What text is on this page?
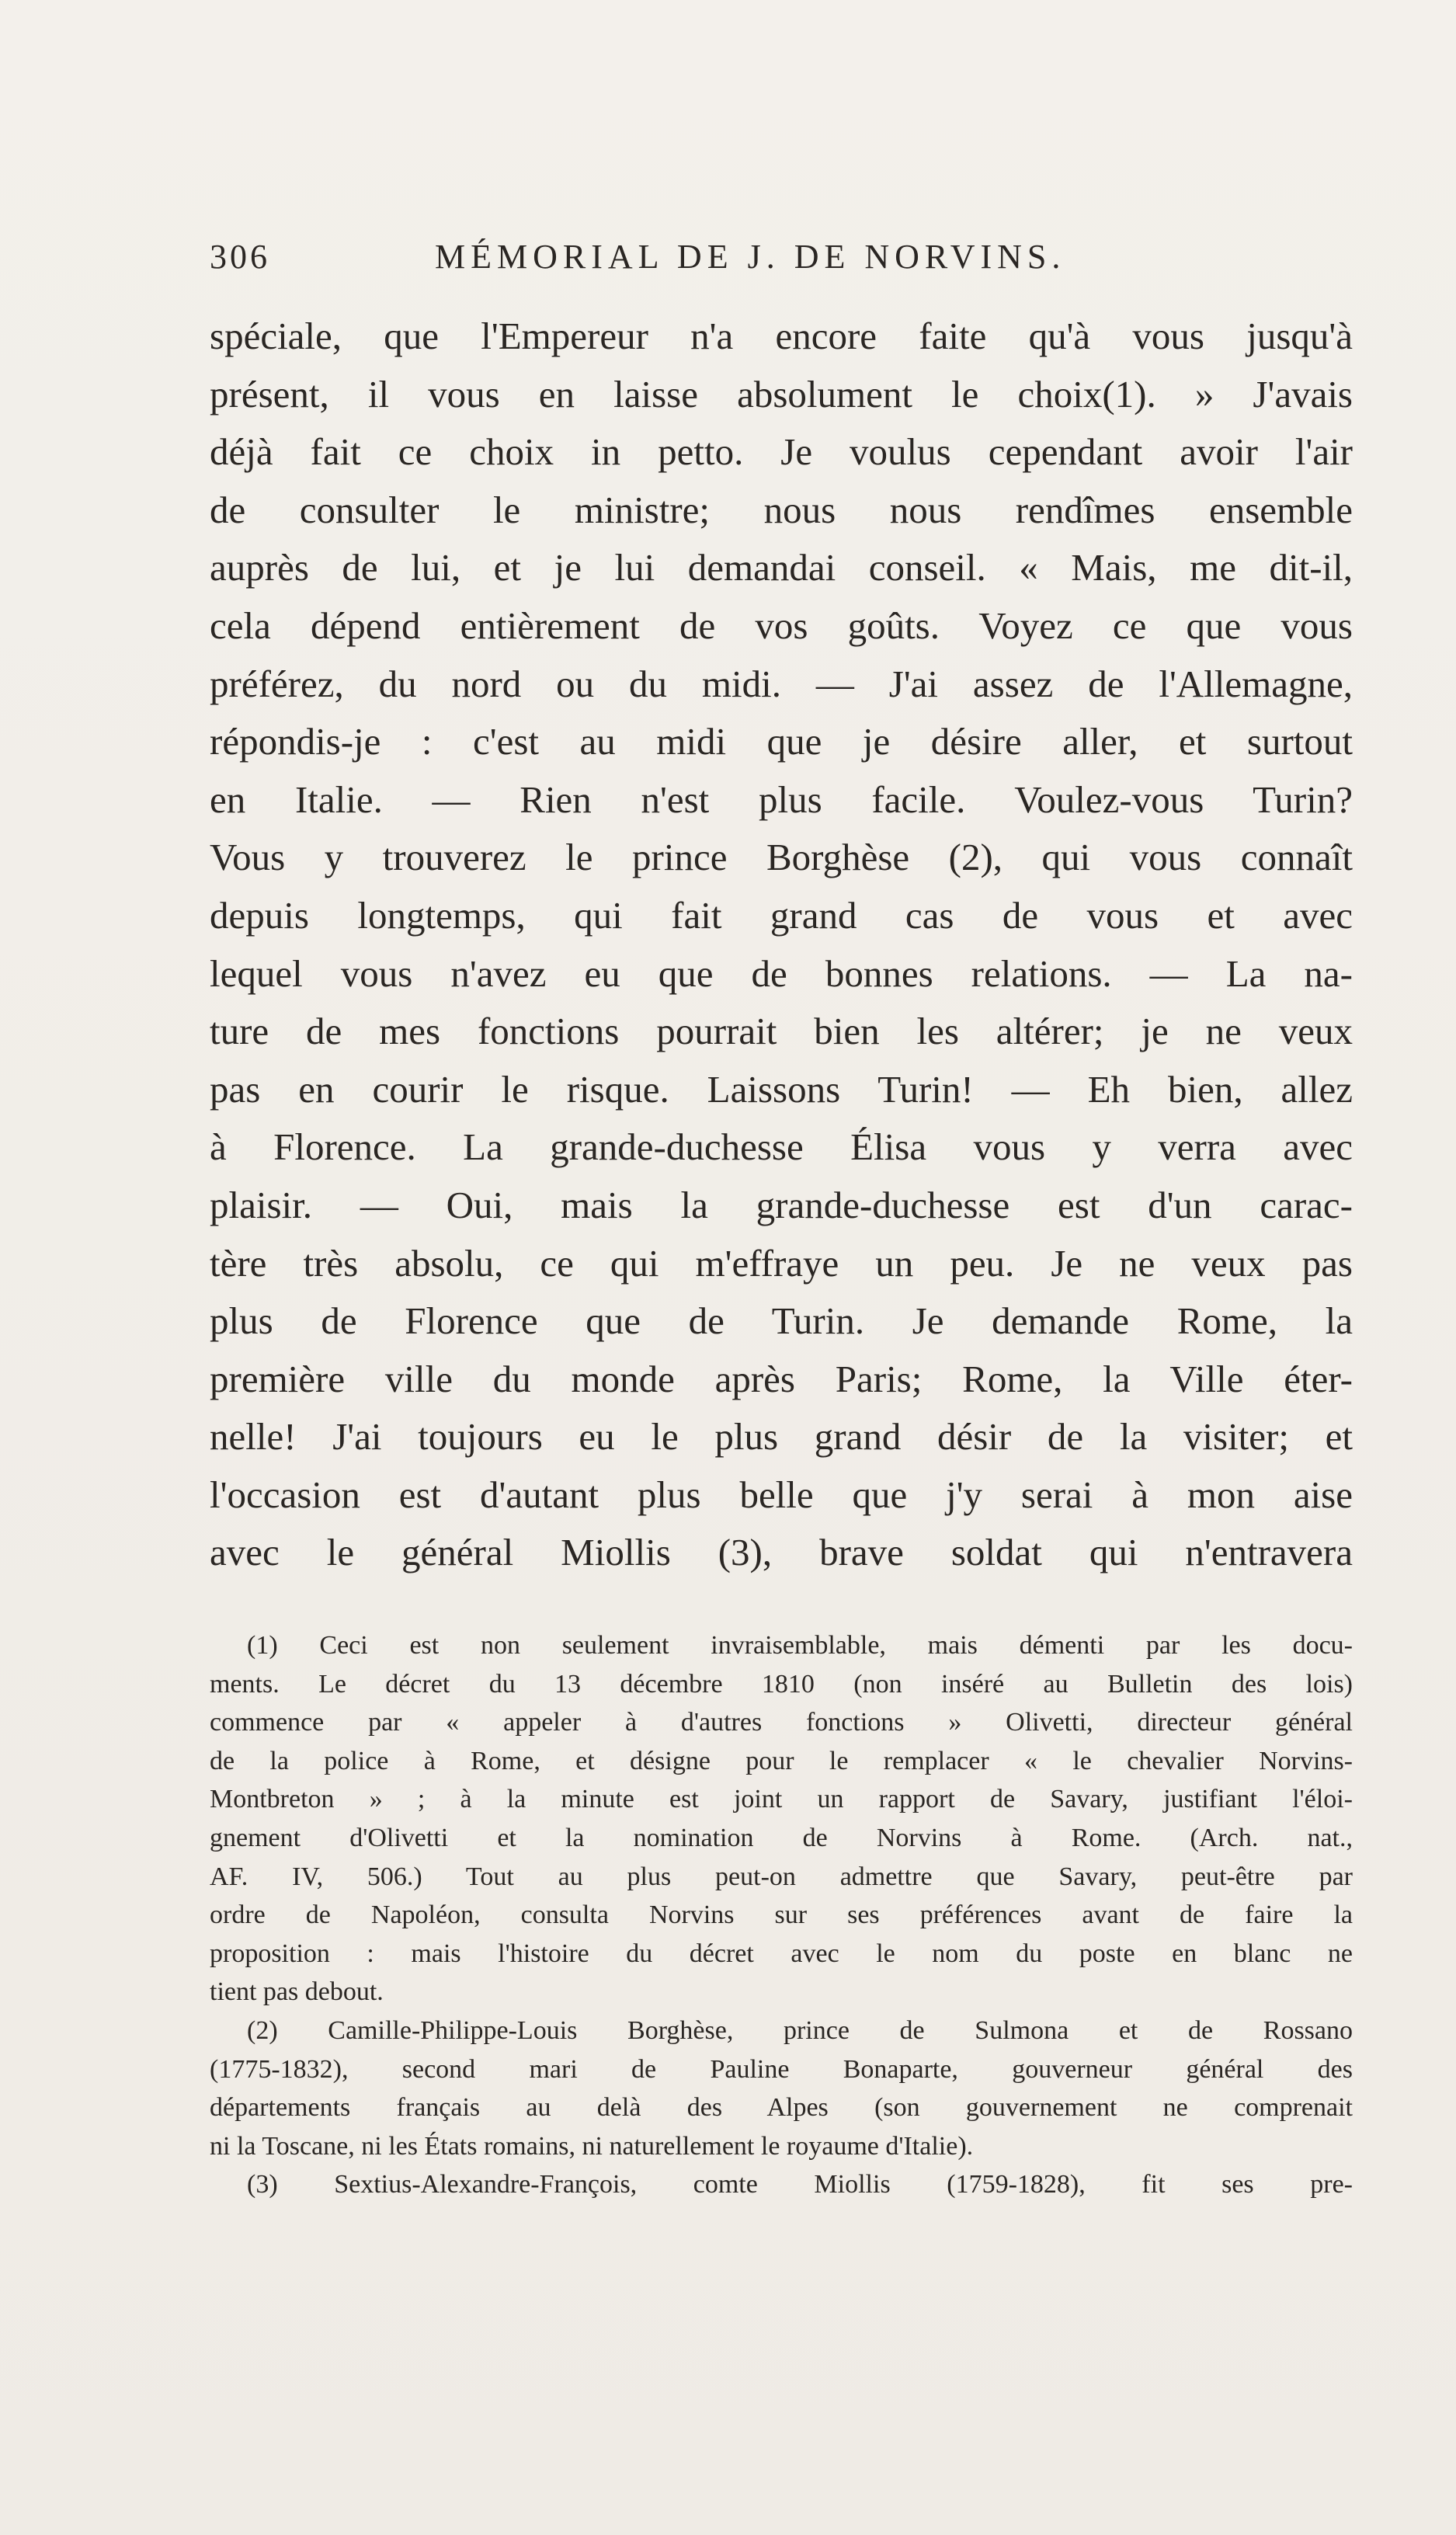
306	MÉMORIAL DE J. DE NORVINS.
spéciale, que l'Empereur n'a encore faite qu'à vous jusqu'à
présent, il vous en laisse absolument le choix(1). » J'avais
déjà fait ce choix in petto. Je voulus cependant avoir l'air
de consulter le ministre; nous nous rendîmes ensemble
auprès de lui, et je lui demandai conseil. « Mais, me dit-il,
cela dépend entièrement de vos goûts. Voyez ce que vous
préférez, du nord ou du midi. — J'ai assez de l'Allemagne,
répondis-je : c'est au midi que je désire aller, et surtout
en Italie. — Rien n'est plus facile. Voulez-vous Turin?
Vous y trouverez le prince Borghèse (2), qui vous connaît
depuis longtemps, qui fait grand cas de vous et avec
lequel vous n'avez eu que de bonnes relations. — La na-
ture de mes fonctions pourrait bien les altérer; je ne veux
pas en courir le risque. Laissons Turin! — Eh bien, allez
à Florence. La grande-duchesse Élisa vous y verra avec
plaisir. — Oui, mais la grande-duchesse est d'un carac-
tère très absolu, ce qui m'effraye un peu. Je ne veux pas
plus de Florence que de Turin. Je demande Rome, la
première ville du monde après Paris; Rome, la Ville éter-
nelle! J'ai toujours eu le plus grand désir de la visiter; et
l'occasion est d'autant plus belle que j'y serai à mon aise
avec le général Miollis (3), brave soldat qui n'entravera
(1) Ceci est non seulement invraisemblable, mais démenti par les docu-
ments. Le décret du 13 décembre 1810 (non inséré au Bulletin des lois)
commence par « appeler à d'autres fonctions » Olivetti, directeur général
de la police à Rome, et désigne pour le remplacer « le chevalier Norvins-
Montbreton » ; à la minute est joint un rapport de Savary, justifiant l'éloi-
gnement d'Olivetti et la nomination de Norvins à Rome. (Arch. nat.,
AF. IV, 506.) Tout au plus peut-on admettre que Savary, peut-être par
ordre de Napoléon, consulta Norvins sur ses préférences avant de faire la
proposition : mais l'histoire du décret avec le nom du poste en blanc ne
tient pas debout.
(2) Camille-Philippe-Louis Borghèse, prince de Sulmona et de Rossano
(1775-1832), second mari de Pauline Bonaparte, gouverneur général des
départements français au delà des Alpes (son gouvernement ne comprenait
ni la Toscane, ni les États romains, ni naturellement le royaume d'Italie).
(3) Sextius-Alexandre-François, comte Miollis (1759-1828), fit ses pre-
